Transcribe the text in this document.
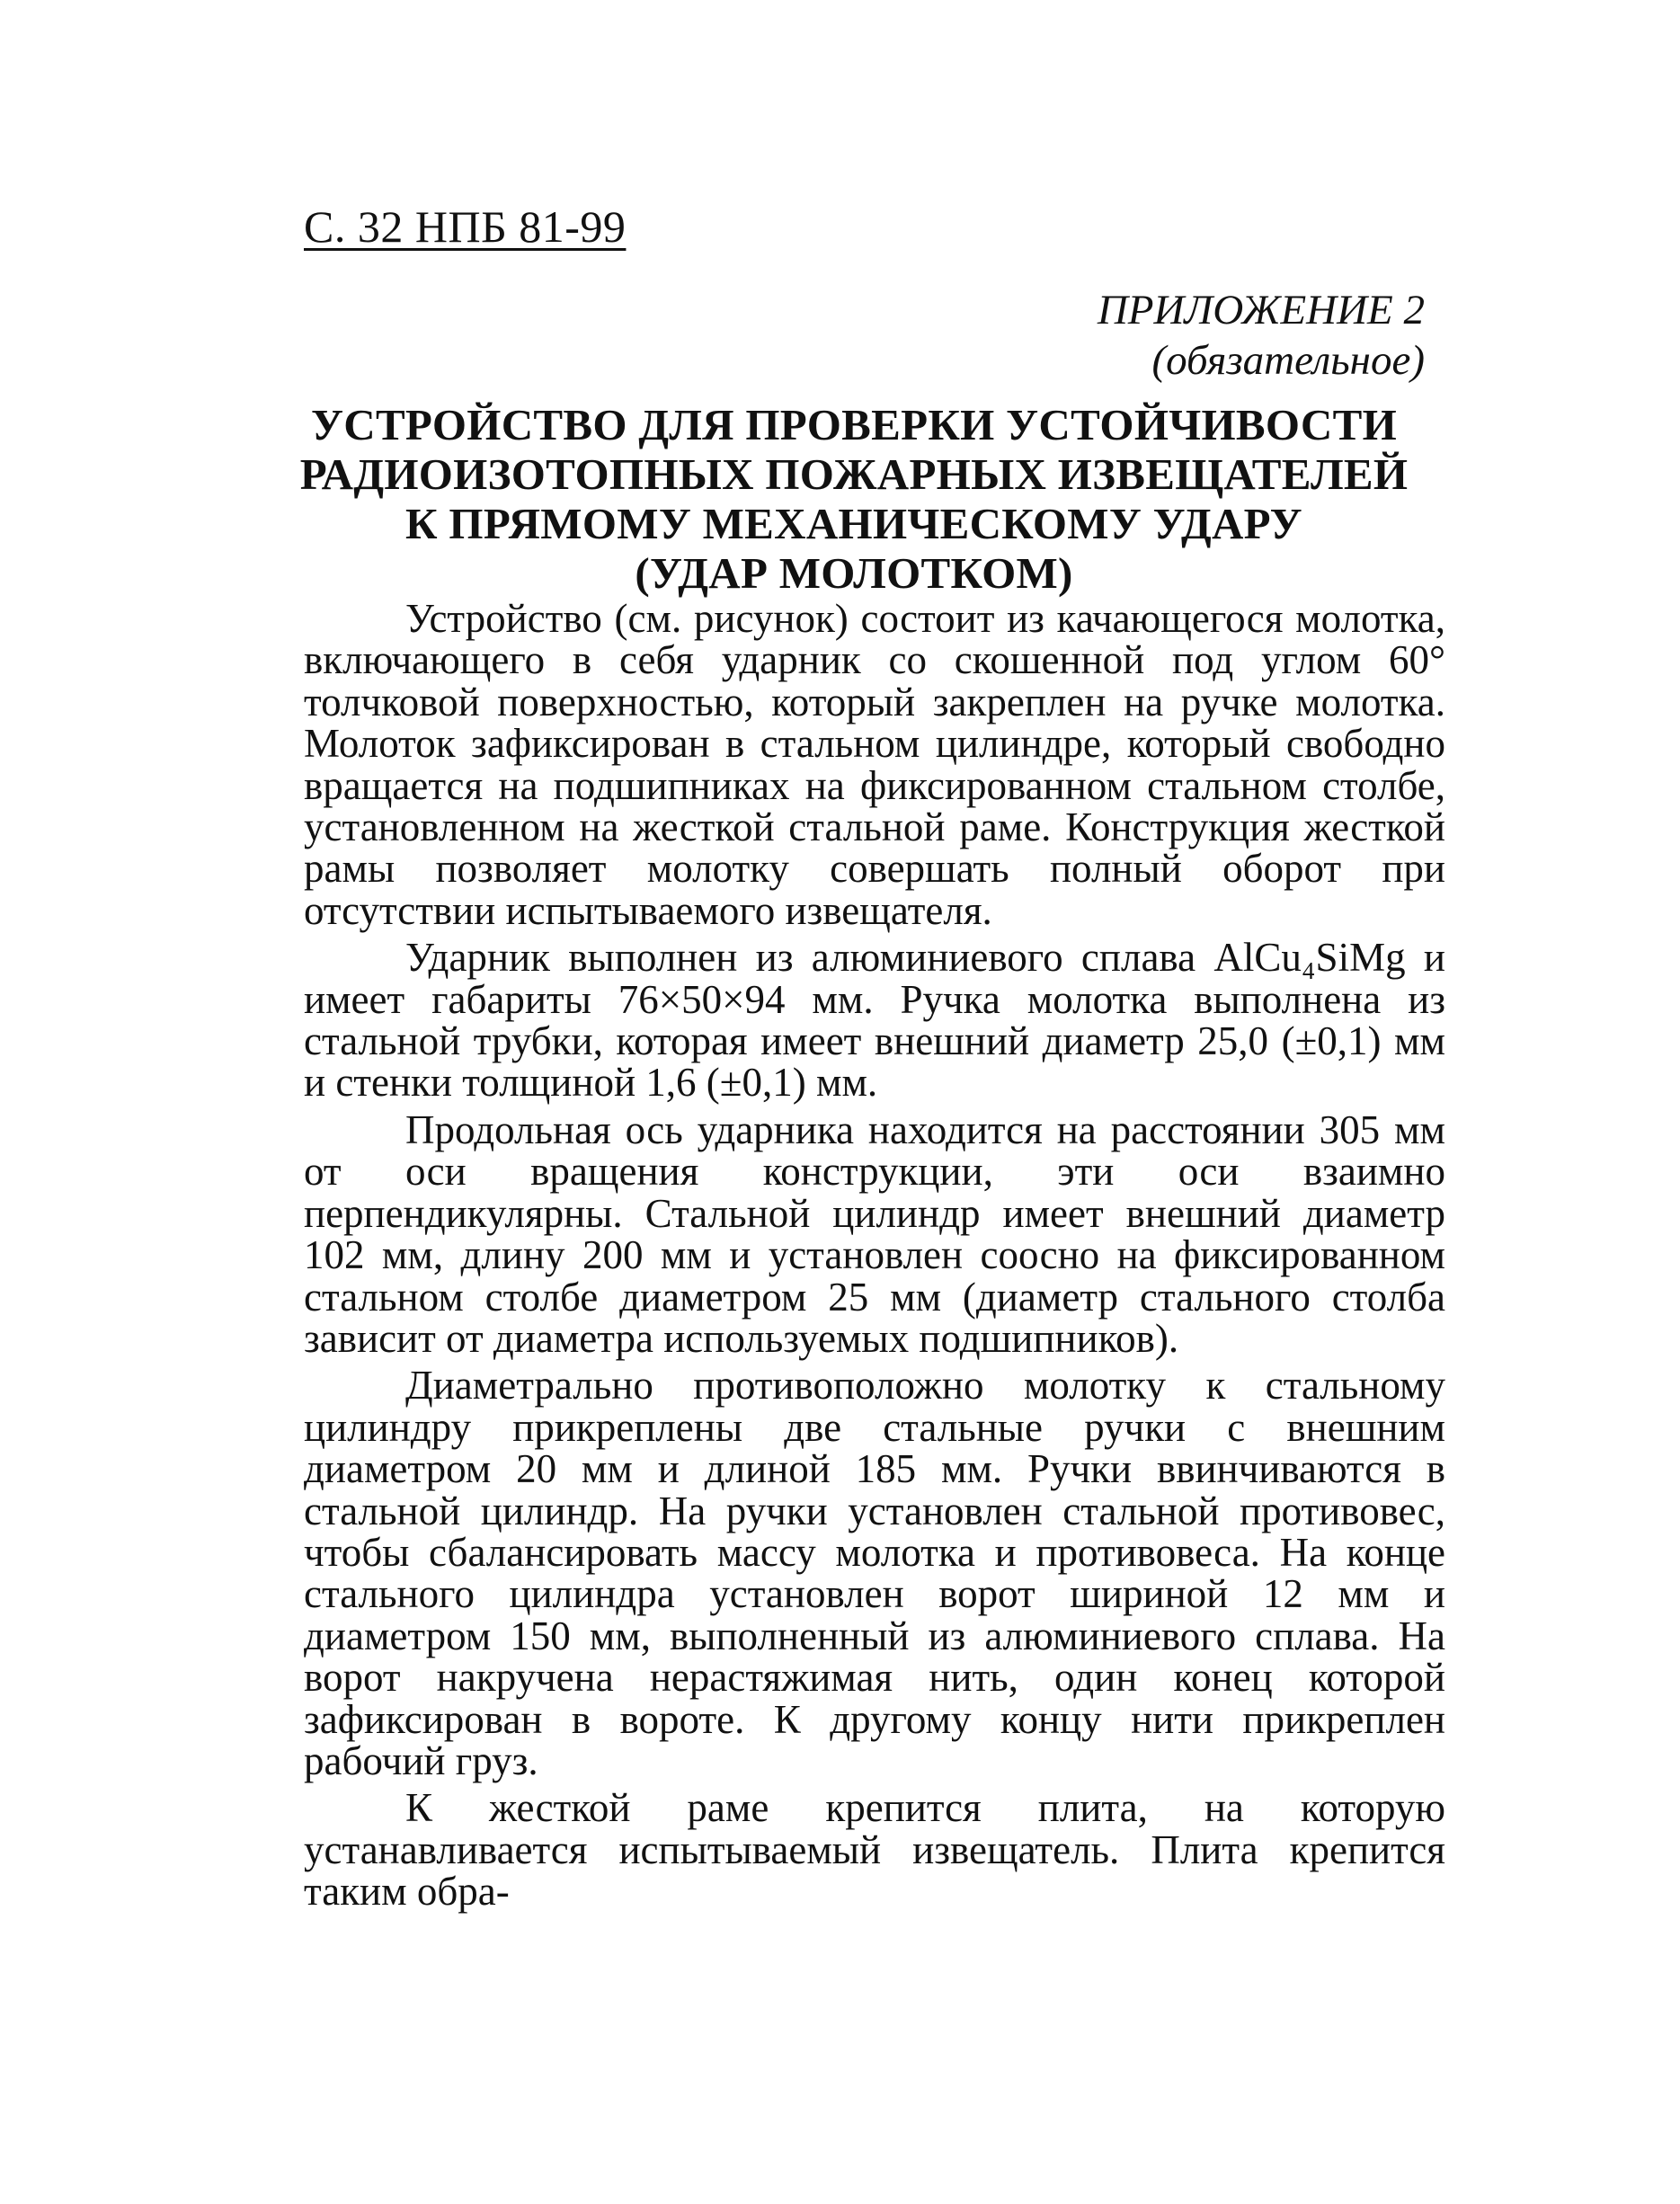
С. 32 НПБ 81-99
ПРИЛОЖЕНИЕ 2
(обязательное)
УСТРОЙСТВО ДЛЯ ПРОВЕРКИ УСТОЙЧИВОСТИ
РАДИОИЗОТОПНЫХ ПОЖАРНЫХ ИЗВЕЩАТЕЛЕЙ
К ПРЯМОМУ МЕХАНИЧЕСКОМУ УДАРУ
(УДАР МОЛОТКОМ)

Устройство (см. рисунок) состоит из качающегося молотка, включающего в себя ударник со скошенной под углом 60° толчковой поверхностью, который закреплен на ручке молотка. Молоток зафиксирован в стальном цилиндре, который свободно вращается на подшипниках на фиксированном стальном столбе, установленном на жесткой стальной раме. Конструкция жесткой рамы позволяет молотку совершать полный оборот при отсутствии испытываемого извещателя.

Ударник выполнен из алюминиевого сплава AlCu₄SiMg и имеет габариты 76×50×94 мм. Ручка молотка выполнена из стальной трубки, которая имеет внешний диаметр 25,0 (±0,1) мм и стенки толщиной 1,6 (±0,1) мм.

Продольная ось ударника находится на расстоянии 305 мм от оси вращения конструкции, эти оси взаимно перпендикулярны. Стальной цилиндр имеет внешний диаметр 102 мм, длину 200 мм и установлен соосно на фиксированном стальном столбе диаметром 25 мм (диаметр стального столба зависит от диаметра используемых подшипников).

Диаметрально противоположно молотку к стальному цилиндру прикреплены две стальные ручки с внешним диаметром 20 мм и длиной 185 мм. Ручки ввинчиваются в стальной цилиндр. На ручки установлен стальной противовес, чтобы сбалансировать массу молотка и противовеса. На конце стального цилиндра установлен ворот шириной 12 мм и диаметром 150 мм, выполненный из алюминиевого сплава. На ворот накручена нерастяжимая нить, один конец которой зафиксирован в вороте. К другому концу нити прикреплен рабочий груз.

К жесткой раме крепится плита, на которую устанавливается испытываемый извещатель. Плита крепится таким обра-
